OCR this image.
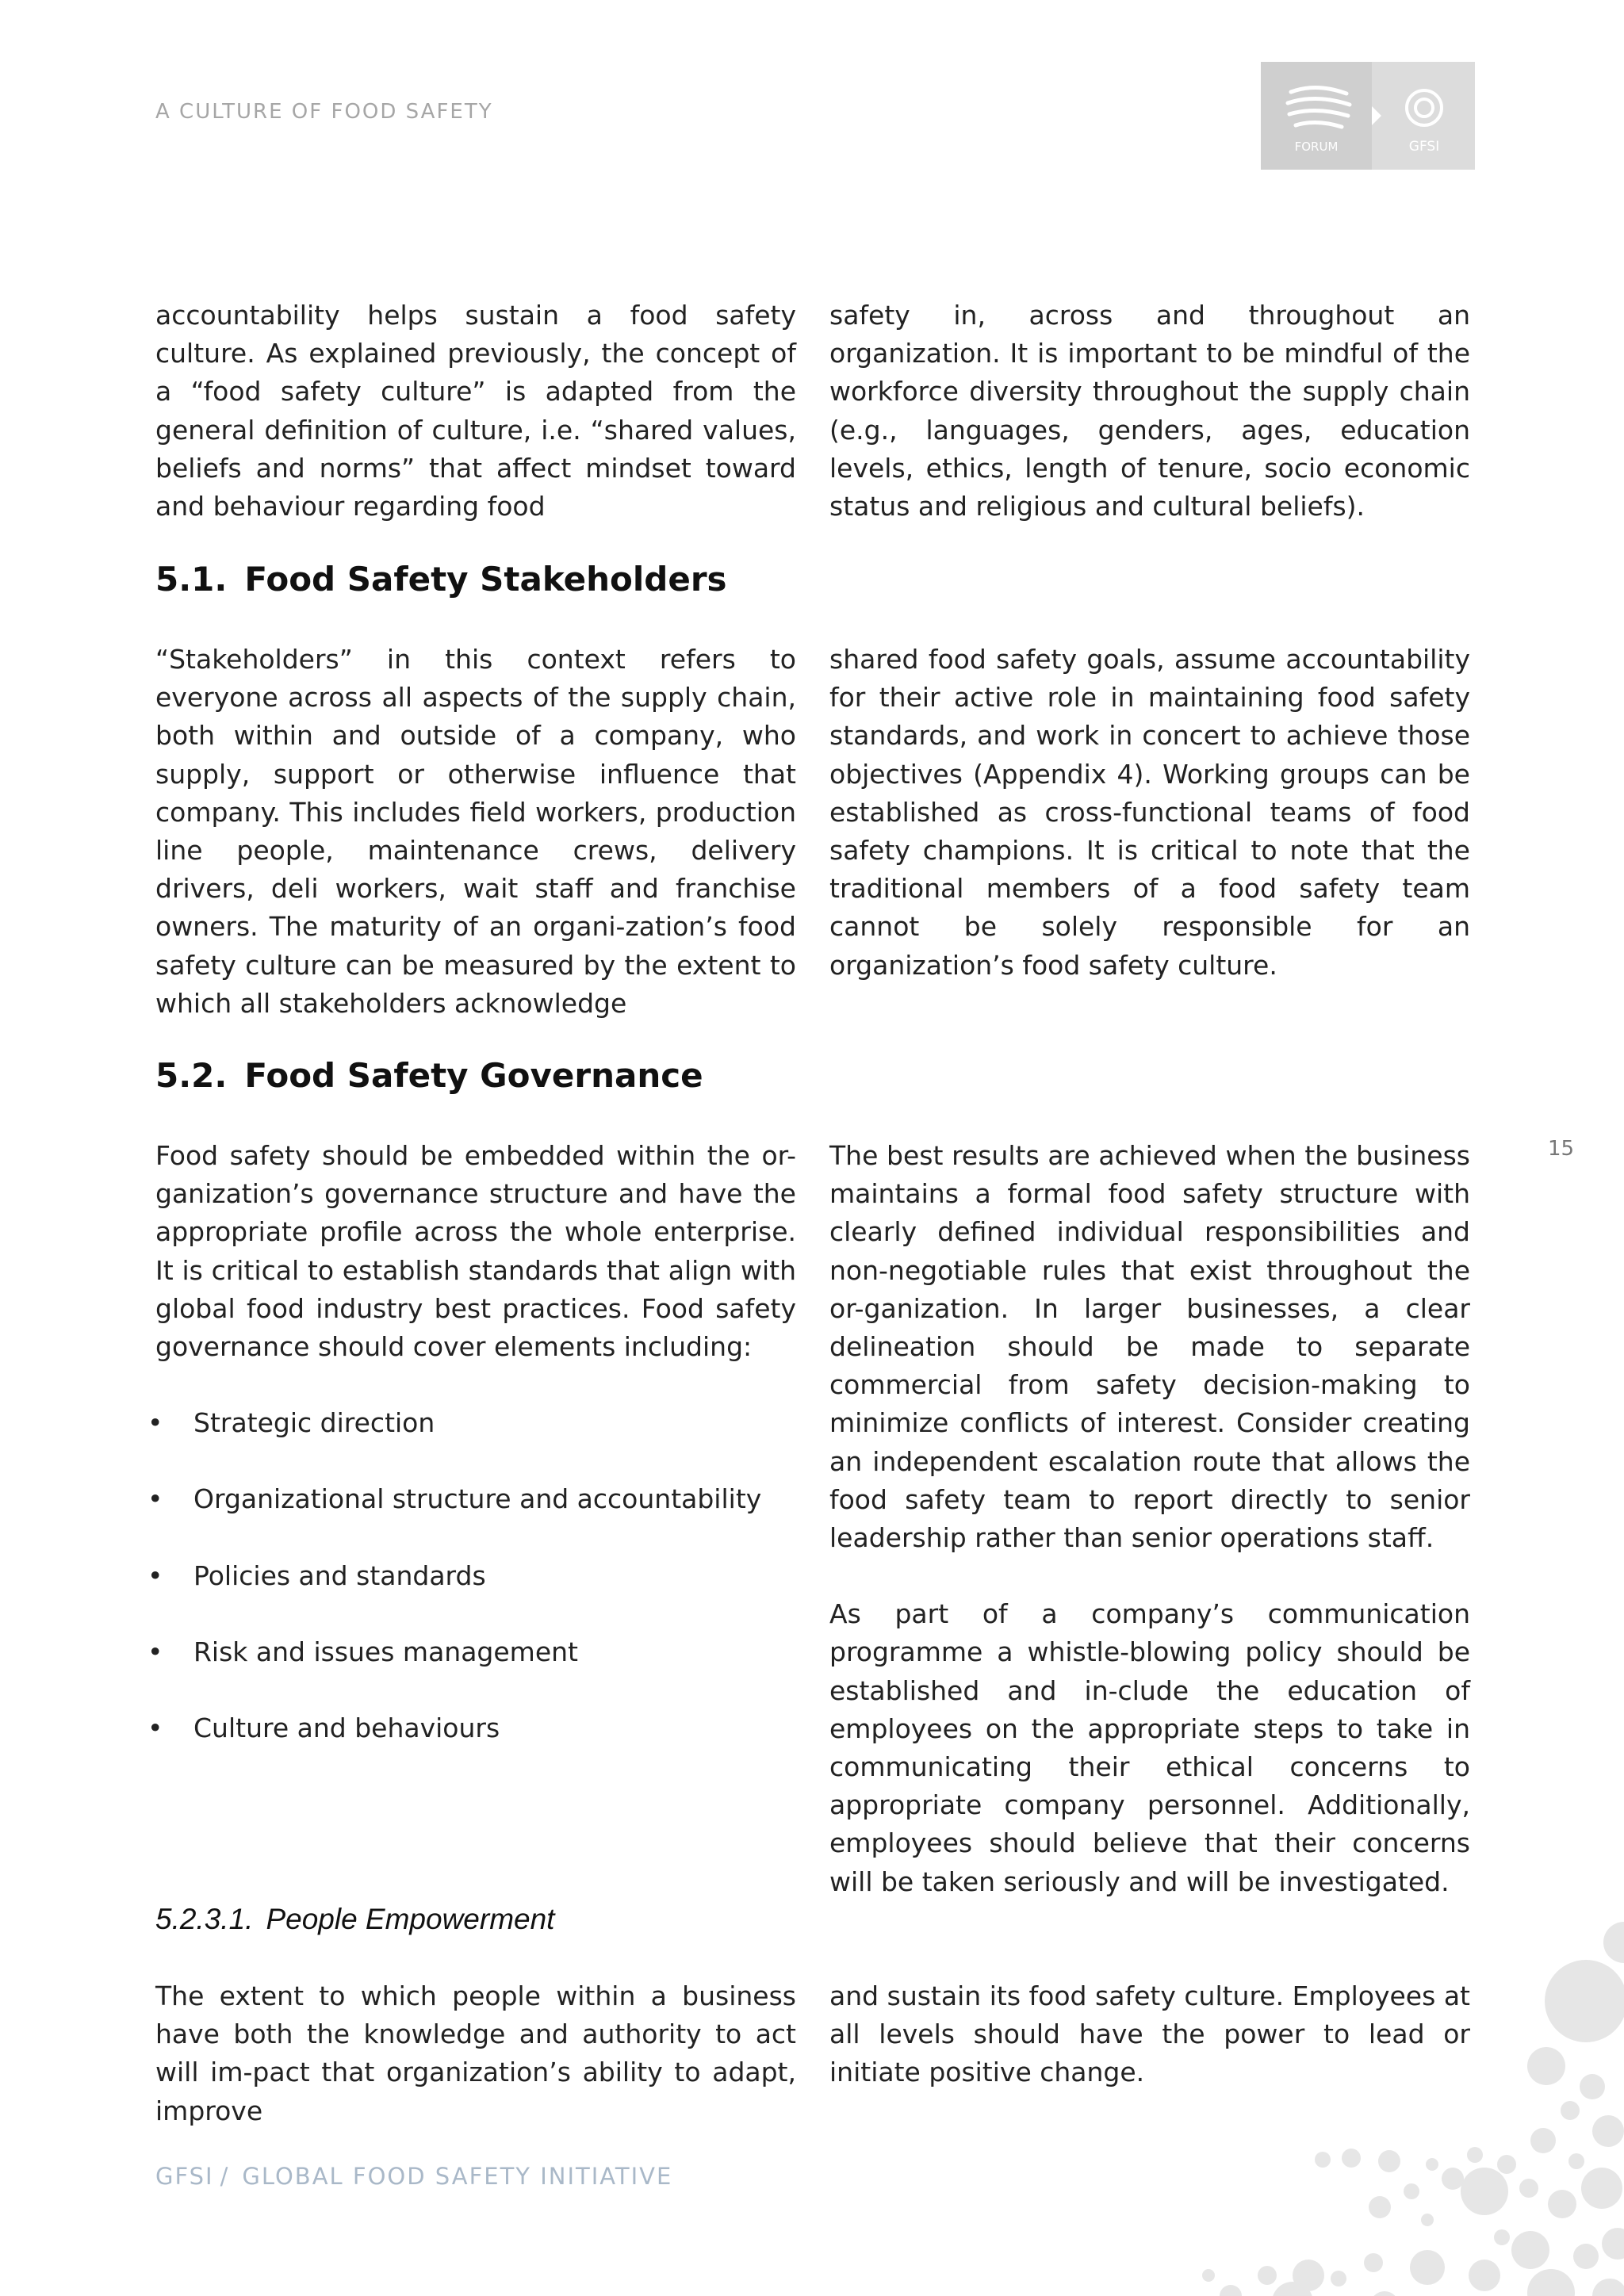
A CULTURE OF FOOD SAFETY
FORUM	GFSI

accountability helps sustain a food safety culture. As explained previously, the concept of a “food safety culture” is adapted from the general definition of culture, i.e. “shared values, beliefs and norms” that affect mindset toward and behaviour regarding food

safety in, across and throughout an organization. It is important to be mindful of the workforce diversity throughout the supply chain (e.g., languages, genders, ages, education levels, ethics, length of tenure, socio economic status and religious and cultural beliefs).

5.1. Food Safety Stakeholders

“Stakeholders” in this context refers to everyone across all aspects of the supply chain, both within and outside of a company, who supply, support or otherwise influence that company. This includes field workers, production line people, maintenance crews, delivery drivers, deli workers, wait staff and franchise owners. The maturity of an organi-zation’s food safety culture can be measured by the extent to which all stakeholders acknowledge

shared food safety goals, assume accountability for their active role in maintaining food safety standards, and work in concert to achieve those objectives (Appendix 4). Working groups can be established as cross-functional teams of food safety champions. It is critical to note that the traditional members of a food safety team cannot be solely responsible for an organization’s food safety culture.

5.2. Food Safety Governance

Food safety should be embedded within the or-ganization’s governance structure and have the appropriate profile across the whole enterprise. It is critical to establish standards that align with global food industry best practices. Food safety governance should cover elements including:

• Strategic direction
• Organizational structure and accountability
• Policies and standards
• Risk and issues management
• Culture and behaviours

The best results are achieved when the business maintains a formal food safety structure with clearly defined individual responsibilities and non-negotiable rules that exist throughout the or-ganization. In larger businesses, a clear delineation should be made to separate commercial from safety decision-making to minimize conflicts of interest. Consider creating an independent escalation route that allows the food safety team to report directly to senior leadership rather than senior operations staff.

As part of a company’s communication programme a whistle-blowing policy should be established and in-clude the education of employees on the appropriate steps to take in communicating their ethical concerns to appropriate company personnel. Additionally, employees should believe that their concerns will be taken seriously and will be investigated.

15
5.2.3.1. People Empowerment

The extent to which people within a business have both the knowledge and authority to act will im-pact that organization’s ability to adapt, improve

and sustain its food safety culture. Employees at all levels should have the power to lead or initiate positive change.

GFSI / GLOBAL FOOD SAFETY INITIATIVE
